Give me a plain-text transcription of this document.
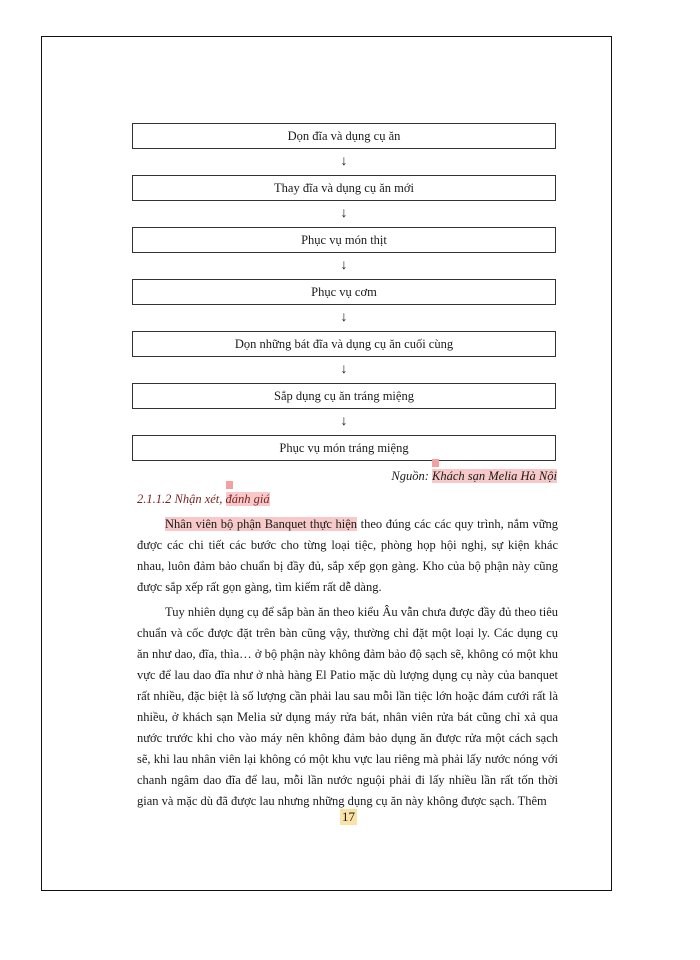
Dọn đĩa và dụng cụ ăn
↓
Thay đĩa và dụng cụ ăn mới
↓
Phục vụ món thịt
↓
Phục vụ cơm
↓
Dọn những bát đĩa và dụng cụ ăn cuối cùng
↓
Sắp dụng cụ ăn tráng miệng
↓
Phục vụ món tráng miệng
Nguồn:
Khách sạn Melia Hà Nội
2.1.1.2 Nhận xét,
đánh giá

Nhân viên bộ phận Banquet thực hiện theo đúng các các quy trình, nắm vững được các chi tiết các bước cho từng loại tiệc, phòng họp hội nghị, sự kiện khác nhau, luôn đảm bảo chuẩn bị đầy đủ, sắp xếp gọn gàng. Kho của bộ phận này cũng được sắp xếp rất gọn gàng, tìm kiếm rất dễ dàng.

Tuy nhiên dụng cụ để sắp bàn ăn theo kiểu Âu vẫn chưa được đầy đủ theo tiêu chuẩn và cốc được đặt trên bàn cũng vậy, thường chỉ đặt một loại ly. Các dụng cụ ăn như dao, đĩa, thìa… ở bộ phận này không đảm bảo độ sạch sẽ, không có một khu vực để lau dao đĩa như ở nhà hàng El Patio mặc dù lượng dụng cụ này của banquet rất nhiều, đặc biệt là số lượng cần phải lau sau mỗi lần tiệc lớn hoặc đám cưới rất là nhiều, ở khách sạn Melia sử dụng máy rửa bát, nhân viên rửa bát cũng chỉ xả qua nước trước khi cho vào máy nên không đảm bảo dụng ăn được rửa một cách sạch sẽ, khi lau nhân viên lại không có một khu vực lau riêng mà phải lấy nước nóng với chanh ngâm dao đĩa để lau, mỗi lần nước nguội phải đi lấy nhiều lần rất tốn thời gian và mặc dù đã được lau nhưng những dụng cụ ăn này không được sạch. Thêm

17
